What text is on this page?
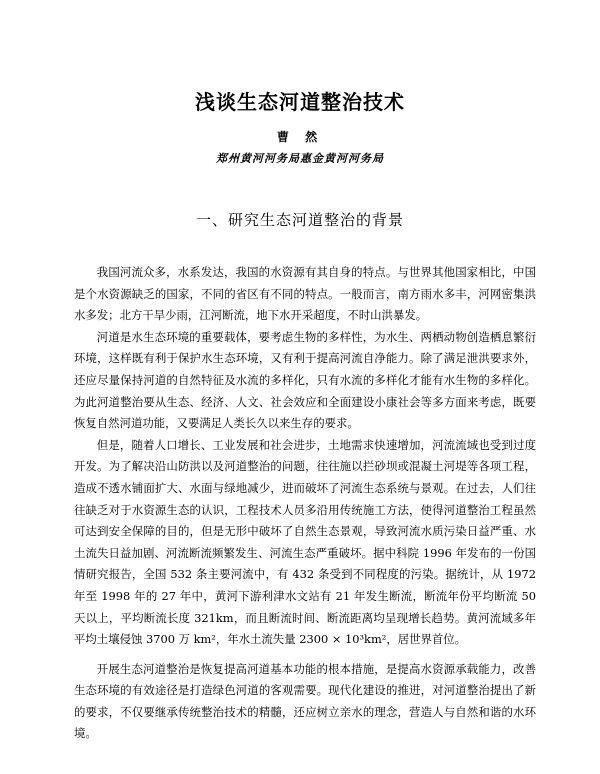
浅谈生态河道整治技术
曹 然
郑州黄河河务局惠金黄河河务局
一、研究生态河道整治的背景

我国河流众多，水系发达，我国的水资源有其自身的特点。与世界其他国家相比，中国是个水资源缺乏的国家，不同的省区有不同的特点。一般而言，南方雨水多丰，河网密集洪水多发；北方干旱少雨，江河断流，地下水开采超度，不时山洪暴发。

河道是水生态环境的重要载体，要考虑生物的多样性，为水生、两栖动物创造栖息繁衍环境，这样既有利于保护水生态环境，又有利于提高河流自净能力。除了满足泄洪要求外，还应尽量保持河道的自然特征及水流的多样化，只有水流的多样化才能有水生物的多样化。为此河道整治要从生态、经济、人文、社会效应和全面建设小康社会等多方面来考虑，既要恢复自然河道功能，又要满足人类长久以来生存的要求。

但是，随着人口增长、工业发展和社会进步，土地需求快速增加，河流流域也受到过度开发。为了解决沿山防洪以及河道整治的问题，往往施以拦砂坝或混凝土河堤等各项工程，造成不透水铺面扩大、水面与绿地减少，进而破坏了河流生态系统与景观。在过去，人们往往缺乏对于水资源生态的认识，工程技术人员多沿用传统施工方法，使得河道整治工程虽然可达到安全保障的目的，但是无形中破坏了自然生态景观，导致河流水质污染日益严重、水土流失日益加剧、河流断流频繁发生、河流生态严重破坏。据中科院 1996 年发布的一份国情研究报告，全国 532 条主要河流中，有 432 条受到不同程度的污染。据统计，从 1972 年至 1998 年的 27 年中，黄河下游利津水文站有 21 年发生断流，断流年份平均断流 50 天以上，平均断流长度 321km，而且断流时间、断流距离均呈现增长趋势。黄河流域多年平均土壤侵蚀 3700 万 km²，年水土流失量 2300 × 10³km²，居世界首位。

开展生态河道整治是恢复提高河道基本功能的根本措施，是提高水资源承载能力，改善生态环境的有效途径是打造绿色河道的客观需要。现代化建设的推进，对河道整治提出了新的要求，不仅要继承传统整治技术的精髓，还应树立亲水的理念，营造人与自然和谐的水环境。
